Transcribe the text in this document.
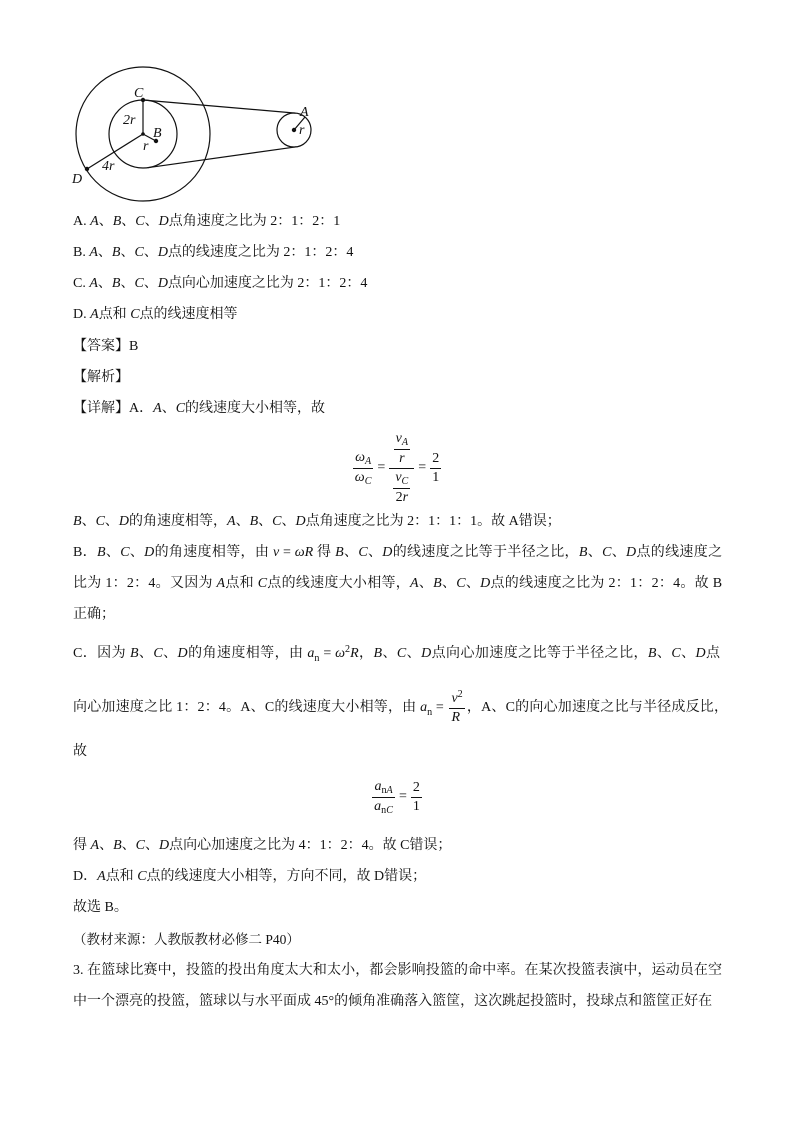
C
2r
B
r
4r
D
A
r
A. A、B、C、D点角速度之比为 2：1：2：1
B. A、B、C、D点的线速度之比为 2：1：2：4
C. A、B、C、D点向心加速度之比为 2：1：2：4
D. A点和 C点的线速度相等
【答案】B
【解析】
【详解】A．A、C的线速度大小相等，故
$\frac{\omega_A}{\omega_C} = \frac{\frac{v_A}{r}}{\frac{v_C}{2r}} = \frac{2}{1}$
B、C、D的角速度相等，A、B、C、D点角速度之比为 2：1：1：1。故 A错误；
B．B、C、D的角速度相等，由 v = ωR 得 B、C、D的线速度之比等于半径之比，B、C、D点的线速度之
比为 1：2：4。又因为 A点和 C点的线速度大小相等，A、B、C、D点的线速度之比为 2：1：2：4。故 B
正确；
C．因为 B、C、D的角速度相等，由 $a_n = \omega^2R$，B、C、D点向心加速度之比等于半径之比，B、C、D点
向心加速度之比 1：2：4。A、C的线速度大小相等，由 $a_n = \frac{v^2}{R}$ ，A、C的向心加速度之比与半径成反比，
故
$\frac{a_{nA}}{a_{nC}} = \frac{2}{1}$
得 A、B、C、D点向心加速度之比为 4：1：2：4。故 C错误；
D．A点和 C点的线速度大小相等，方向不同，故 D错误；
故选 B。
（教材来源：人教版教材必修二 P40）
3. 在篮球比赛中，投篮的投出角度太大和太小，都会影响投篮的命中率。在某次投篮表演中，运动员在空
中一个漂亮的投篮，篮球以与水平面成 45°的倾角准确落入篮筐，这次跳起投篮时，投球点和篮筐正好在
